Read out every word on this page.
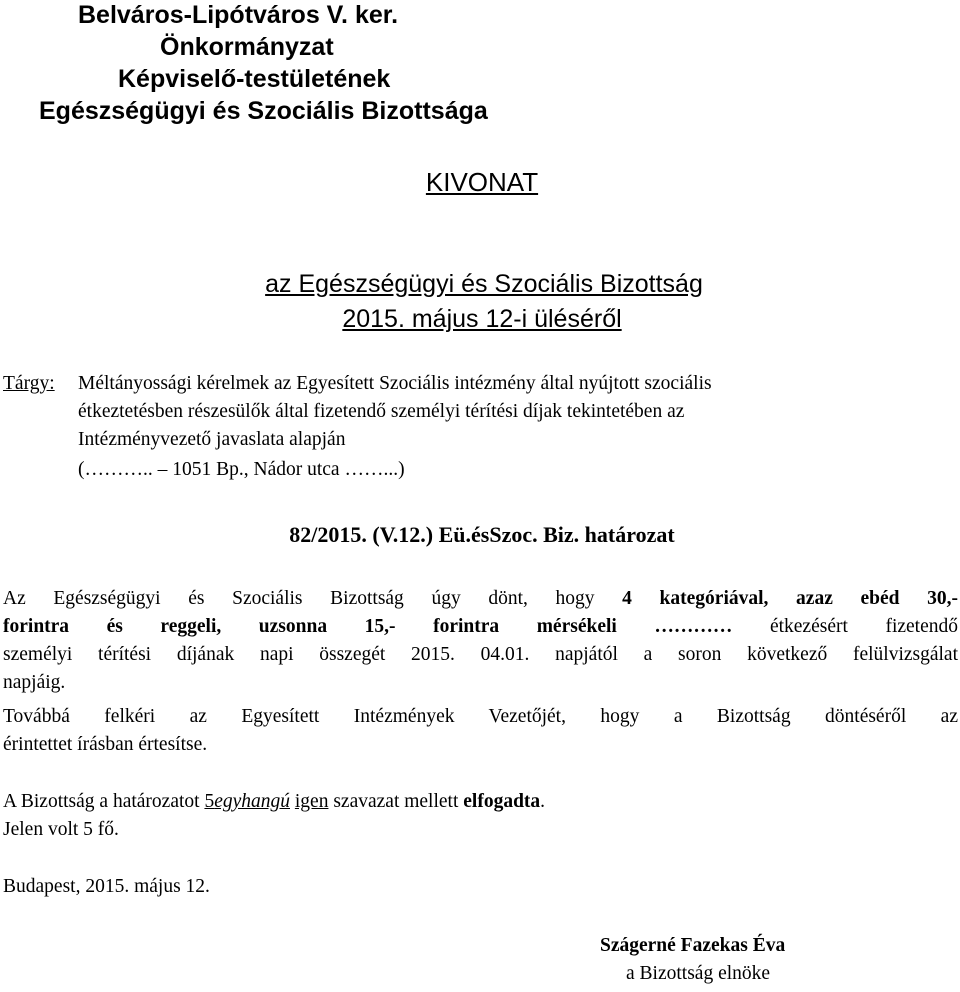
Belváros-Lipótváros V. ker.
Önkormányzat
Képviselő-testületének
Egészségügyi és Szociális Bizottsága
KIVONAT
az Egészségügyi és Szociális Bizottság
2015. május 12-i üléséről
Tárgy: Méltányossági kérelmek az Egyesített Szociális intézmény által nyújtott szociális
étkeztetésben részesülők által fizetendő személyi térítési díjak tekintetében az
Intézményvezető javaslata alapján
(……….. – 1051 Bp., Nádor utca ……...)
82/2015. (V.12.) Eü.ésSzoc. Biz. határozat
Az Egészségügyi és Szociális Bizottság úgy dönt, hogy 4 kategóriával, azaz ebéd 30,-
forintra és reggeli, uzsonna 15,- forintra mérsékeli ………… étkezésért fizetendő
személyi térítési díjának napi összegét 2015. 04.01. napjától a soron következő felülvizsgálat
napjáig.
Továbbá felkéri az Egyesített Intézmények Vezetőjét, hogy a Bizottság döntéséről az
érintettet írásban értesítse.
A Bizottság a határozatot 5egyhangú igen szavazat mellett elfogadta.
Jelen volt 5 fő.
Budapest, 2015. május 12.
Szágerné Fazekas Éva
a Bizottság elnöke
